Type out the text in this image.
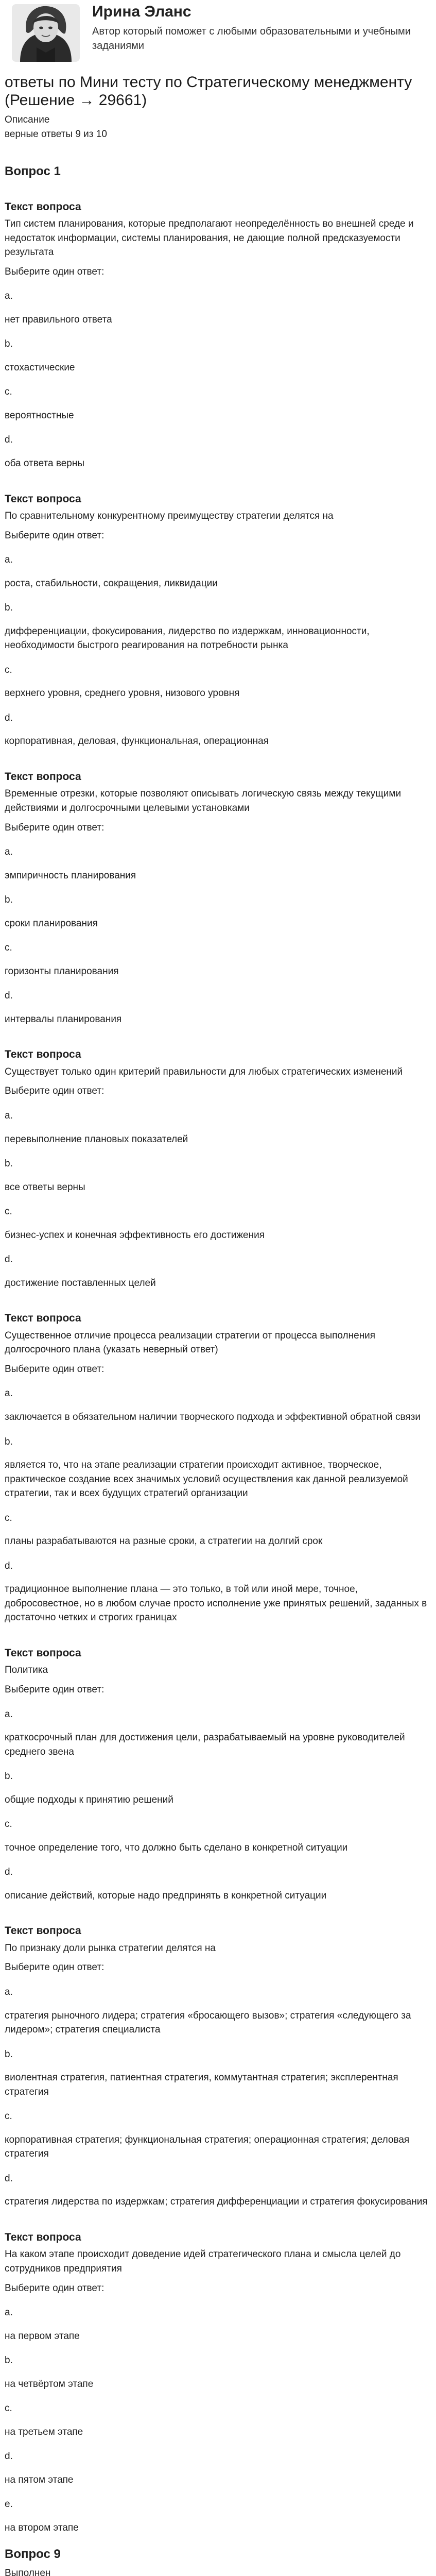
Ирина Эланс
Автор который поможет с любыми образовательными и учебными заданиями
ответы по Мини тесту по Стратегическому менеджменту (Решение → 29661)
Описание
верные ответы 9 из 10
Вопрос 1
Текст вопроса
Тип систем планирования, которые предполагают неопределённость во внешней среде и недостаток информации, системы планирования, не дающие полной предсказуемости результата
Выберите один ответ:
a.
нет правильного ответа
b.
стохастические
c.
вероятностные
d.
оба ответа верны
Текст вопроса
По сравнительному конкурентному преимуществу стратегии делятся на
Выберите один ответ:
a.
роста, стабильности, сокращения, ликвидации
b.
дифференциации, фокусирования, лидерство по издержкам, инновационности, необходимости быстрого реагирования на потребности рынка
c.
верхнего уровня, среднего уровня, низового уровня
d.
корпоративная, деловая, функциональная, операционная
Текст вопроса
Временные отрезки, которые позволяют описывать логическую связь между текущими действиями и долгосрочными целевыми установками
Выберите один ответ:
a.
эмпиричность планирования
b.
сроки планирования
c.
горизонты планирования
d.
интервалы планирования
Текст вопроса
Существует только один критерий правильности для любых стратегических изменений
Выберите один ответ:
a.
перевыполнение плановых показателей
b.
все ответы верны
c.
бизнес-успех и конечная эффективность его достижения
d.
достижение поставленных целей
Текст вопроса
Существенное отличие процесса реализации стратегии от процесса выполнения долгосрочного плана (указать неверный ответ)
Выберите один ответ:
a.
заключается в обязательном наличии творческого подхода и эффективной обратной связи
b.
является то, что на этапе реализации стратегии происходит активное, творческое, практическое создание всех значимых условий осуществления как данной реализуемой стратегии, так и всех будущих стратегий организации
c.
планы разрабатываются на разные сроки, а стратегии на долгий срок
d.
традиционное выполнение плана — это только, в той или иной мере, точное, добросовестное, но в любом случае просто исполнение уже принятых решений, заданных в достаточно четких и строгих границах
Текст вопроса
Политика
Выберите один ответ:
a.
краткосрочный план для достижения цели, разрабатываемый на уровне руководителей среднего звена
b.
общие подходы к принятию решений
c.
точное определение того, что должно быть сделано в конкретной ситуации
d.
описание действий, которые надо предпринять в конкретной ситуации
Текст вопроса
По признаку доли рынка стратегии делятся на
Выберите один ответ:
a.
стратегия рыночного лидера; стратегия «бросающего вызов»; стратегия «следующего за лидером»; стратегия специалиста
b.
виолентная стратегия, патиентная стратегия, коммутантная стратегия; эксплерентная стратегия
c.
корпоративная стратегия; функциональная стратегия; операционная стратегия; деловая стратегия
d.
стратегия лидерства по издержкам; стратегия дифференциации и стратегия фокусирования
Текст вопроса
На каком этапе происходит доведение идей стратегического плана и смысла целей до сотрудников предприятия
Выберите один ответ:
a.
на первом этапе
b.
на четвёртом этапе
c.
на третьем этапе
d.
на пятом этапе
e.
на втором этапе
Вопрос 9
Выполнен
